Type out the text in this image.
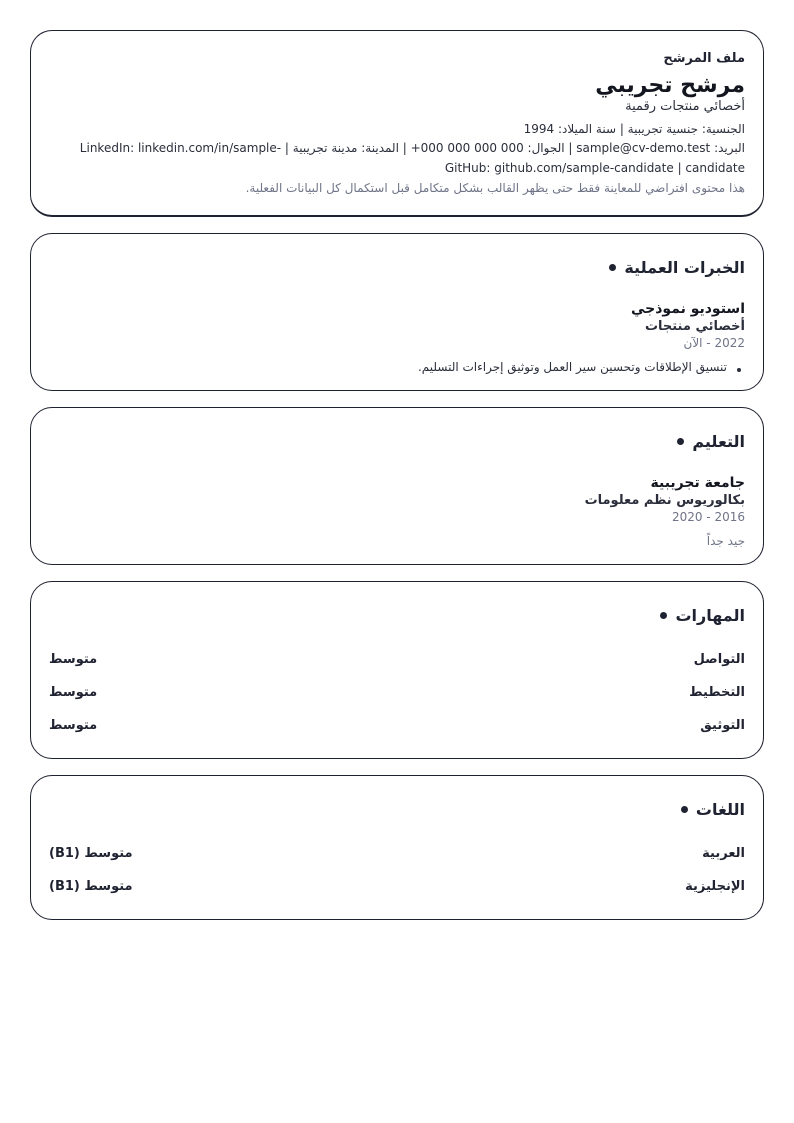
ملف المرشح
مرشح تجريبي
أخصائي منتجات رقمية
الجنسية: جنسية تجريبية | سنة الميلاد: 1994
البريد: sample@cv-demo.test | الجوال: +000 000 000 000 | المدينة: مدينة تجريبية | LinkedIn: linkedin.com/in/sample-candidate | GitHub: github.com/sample-candidate
هذا محتوى افتراضي للمعاينة فقط حتى يظهر القالب بشكل متكامل قبل استكمال كل البيانات الفعلية.
الخبرات العملية
استوديو نموذجي
أخصائي منتجات
2022 - الآن
تنسيق الإطلاقات وتحسين سير العمل وتوثيق إجراءات التسليم.
التعليم
جامعة تجريبية
بكالوريوس نظم معلومات
2016 - 2020
جيد جداً
المهارات
التواصل
متوسط
التخطيط
متوسط
التوثيق
متوسط
اللغات
العربية
متوسط (B1)
الإنجليزية
متوسط (B1)
